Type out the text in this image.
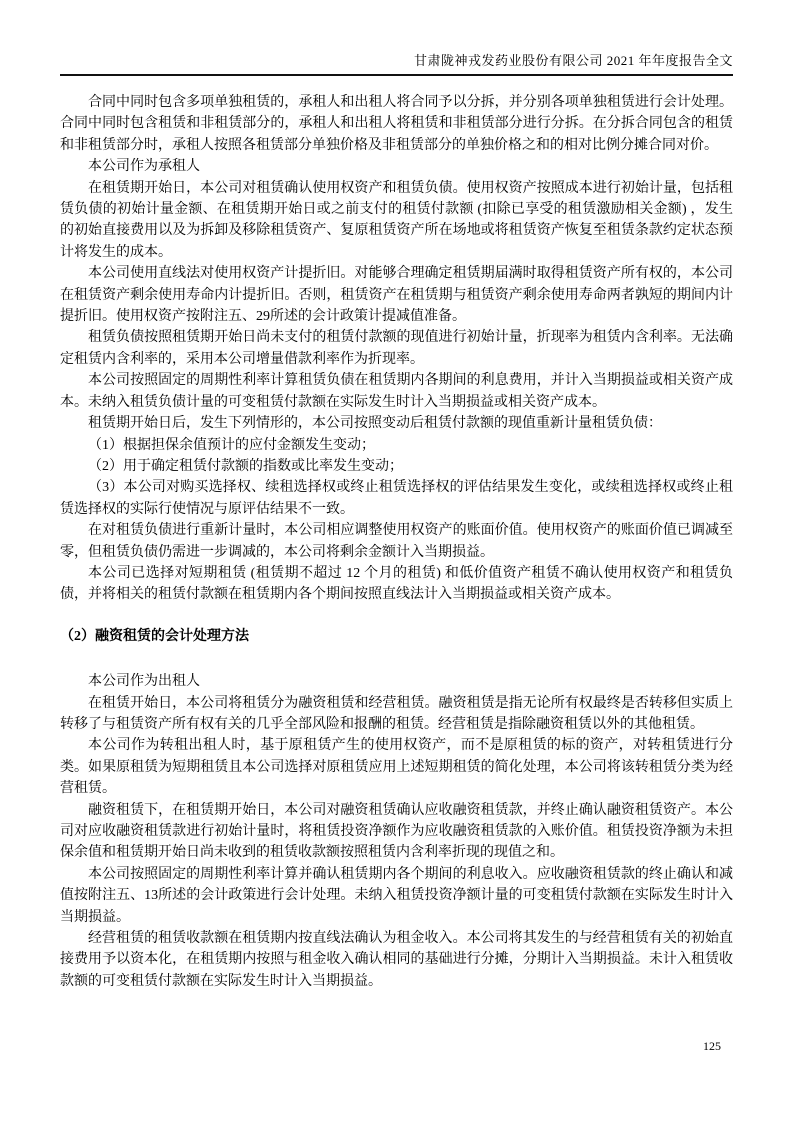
甘肃陇神戎发药业股份有限公司 2021 年年度报告全文

合同中同时包含多项单独租赁的，承租人和出租人将合同予以分拆，并分别各项单独租赁进行会计处理。合同中同时包含租赁和非租赁部分的，承租人和出租人将租赁和非租赁部分进行分拆。在分拆合同包含的租赁和非租赁部分时，承租人按照各租赁部分单独价格及非租赁部分的单独价格之和的相对比例分摊合同对价。

本公司作为承租人

在租赁期开始日，本公司对租赁确认使用权资产和租赁负债。使用权资产按照成本进行初始计量，包括租赁负债的初始计量金额、在租赁期开始日或之前支付的租赁付款额 (扣除已享受的租赁激励相关金额) ，发生的初始直接费用以及为拆卸及移除租赁资产、复原租赁资产所在场地或将租赁资产恢复至租赁条款约定状态预计将发生的成本。

本公司使用直线法对使用权资产计提折旧。对能够合理确定租赁期届满时取得租赁资产所有权的，本公司在租赁资产剩余使用寿命内计提折旧。否则，租赁资产在租赁期与租赁资产剩余使用寿命两者孰短的期间内计提折旧。使用权资产按附注五、29所述的会计政策计提减值准备。

租赁负债按照租赁期开始日尚未支付的租赁付款额的现值进行初始计量，折现率为租赁内含利率。无法确定租赁内含利率的，采用本公司增量借款利率作为折现率。

本公司按照固定的周期性利率计算租赁负债在租赁期内各期间的利息费用，并计入当期损益或相关资产成本。未纳入租赁负债计量的可变租赁付款额在实际发生时计入当期损益或相关资产成本。

租赁期开始日后，发生下列情形的，本公司按照变动后租赁付款额的现值重新计量租赁负债：

（1）根据担保余值预计的应付金额发生变动；

（2）用于确定租赁付款额的指数或比率发生变动；

（3）本公司对购买选择权、续租选择权或终止租赁选择权的评估结果发生变化，或续租选择权或终止租赁选择权的实际行使情况与原评估结果不一致。

在对租赁负债进行重新计量时，本公司相应调整使用权资产的账面价值。使用权资产的账面价值已调减至零，但租赁负债仍需进一步调减的，本公司将剩余金额计入当期损益。

本公司已选择对短期租赁 (租赁期不超过 12 个月的租赁) 和低价值资产租赁不确认使用权资产和租赁负债，并将相关的租赁付款额在租赁期内各个期间按照直线法计入当期损益或相关资产成本。

（2）融资租赁的会计处理方法

本公司作为出租人

在租赁开始日，本公司将租赁分为融资租赁和经营租赁。融资租赁是指无论所有权最终是否转移但实质上转移了与租赁资产所有权有关的几乎全部风险和报酬的租赁。经营租赁是指除融资租赁以外的其他租赁。

本公司作为转租出租人时，基于原租赁产生的使用权资产，而不是原租赁的标的资产，对转租赁进行分类。如果原租赁为短期租赁且本公司选择对原租赁应用上述短期租赁的简化处理，本公司将该转租赁分类为经营租赁。

融资租赁下，在租赁期开始日，本公司对融资租赁确认应收融资租赁款，并终止确认融资租赁资产。本公司对应收融资租赁款进行初始计量时，将租赁投资净额作为应收融资租赁款的入账价值。租赁投资净额为未担保余值和租赁期开始日尚未收到的租赁收款额按照租赁内含利率折现的现值之和。

本公司按照固定的周期性利率计算并确认租赁期内各个期间的利息收入。应收融资租赁款的终止确认和减值按附注五、13所述的会计政策进行会计处理。未纳入租赁投资净额计量的可变租赁付款额在实际发生时计入当期损益。

经营租赁的租赁收款额在租赁期内按直线法确认为租金收入。本公司将其发生的与经营租赁有关的初始直接费用予以资本化，在租赁期内按照与租金收入确认相同的基础进行分摊，分期计入当期损益。未计入租赁收款额的可变租赁付款额在实际发生时计入当期损益。

125
